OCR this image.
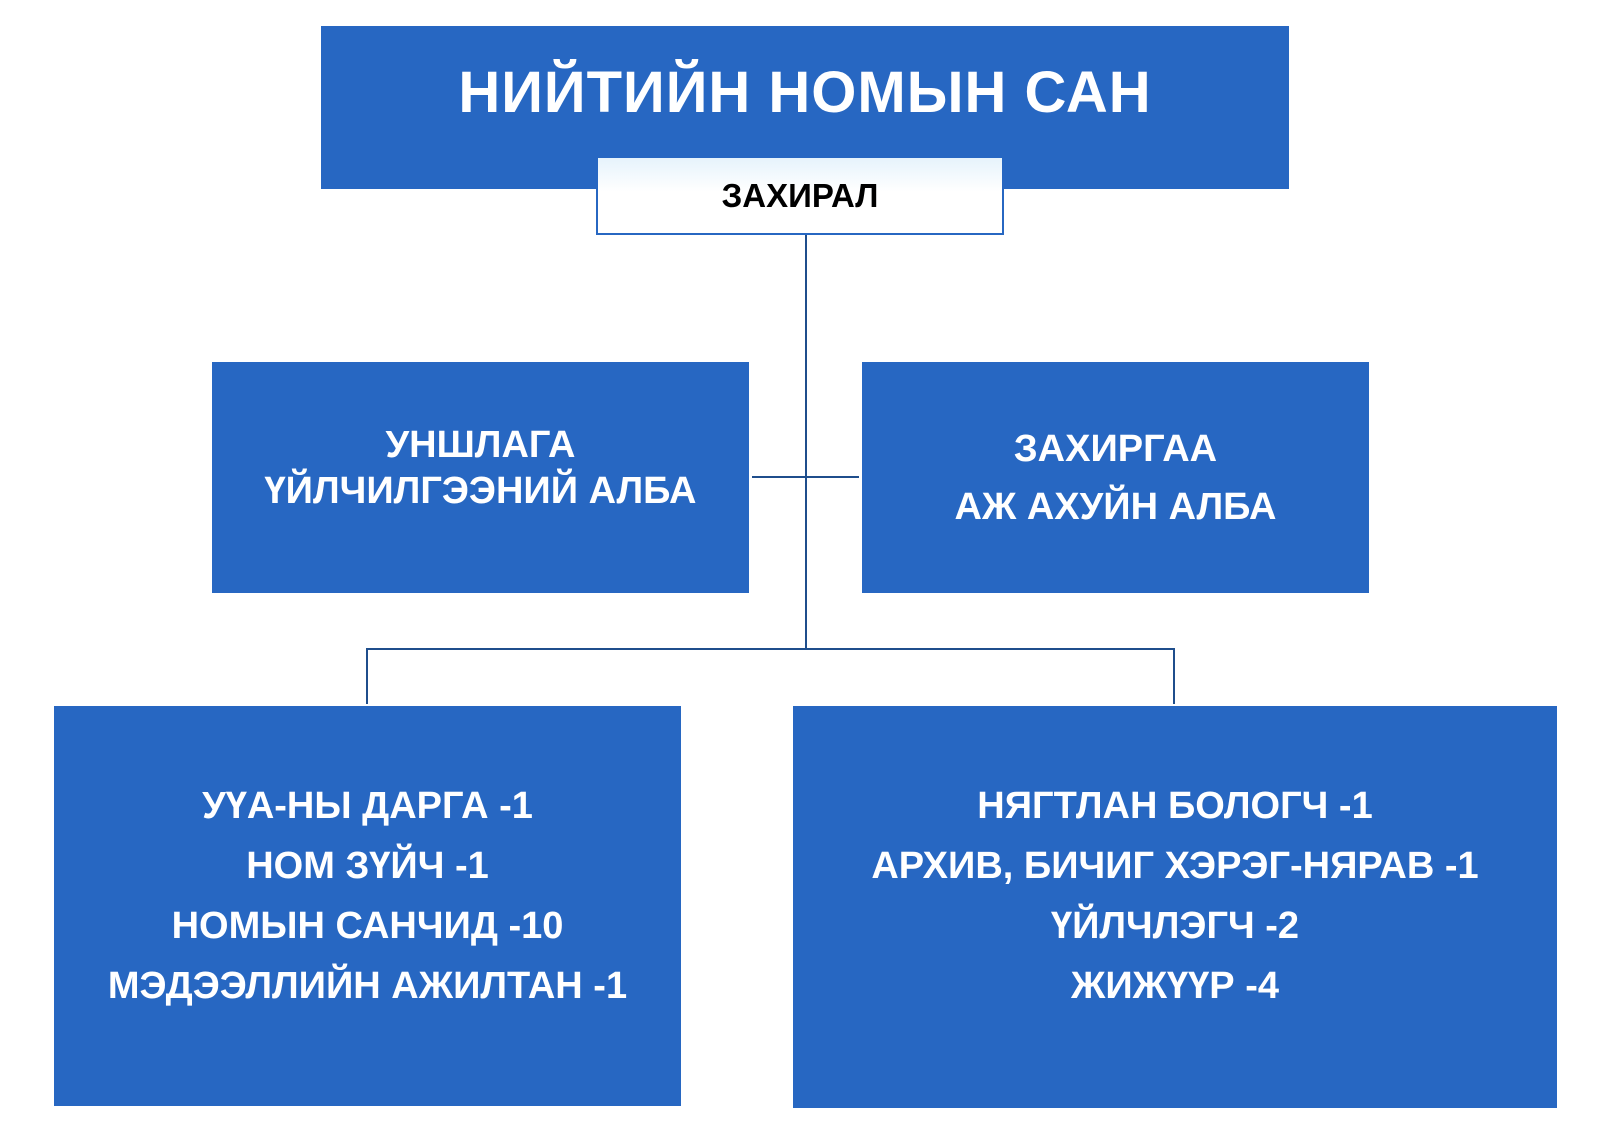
НИЙТИЙН НОМЫН САН
ЗАХИРАЛ
УНШЛАГА
ҮЙЛЧИЛГЭЭНИЙ АЛБА
ЗАХИРГАА
АЖ АХУЙН АЛБА
УҮА-НЫ ДАРГА -1
НОМ ЗҮЙЧ -1
НОМЫН САНЧИД -10
МЭДЭЭЛЛИЙН АЖИЛТАН -1
НЯГТЛАН БОЛОГЧ -1
АРХИВ, БИЧИГ ХЭРЭГ-НЯРАВ -1
ҮЙЛЧЛЭГЧ -2
ЖИЖҮҮР -4
